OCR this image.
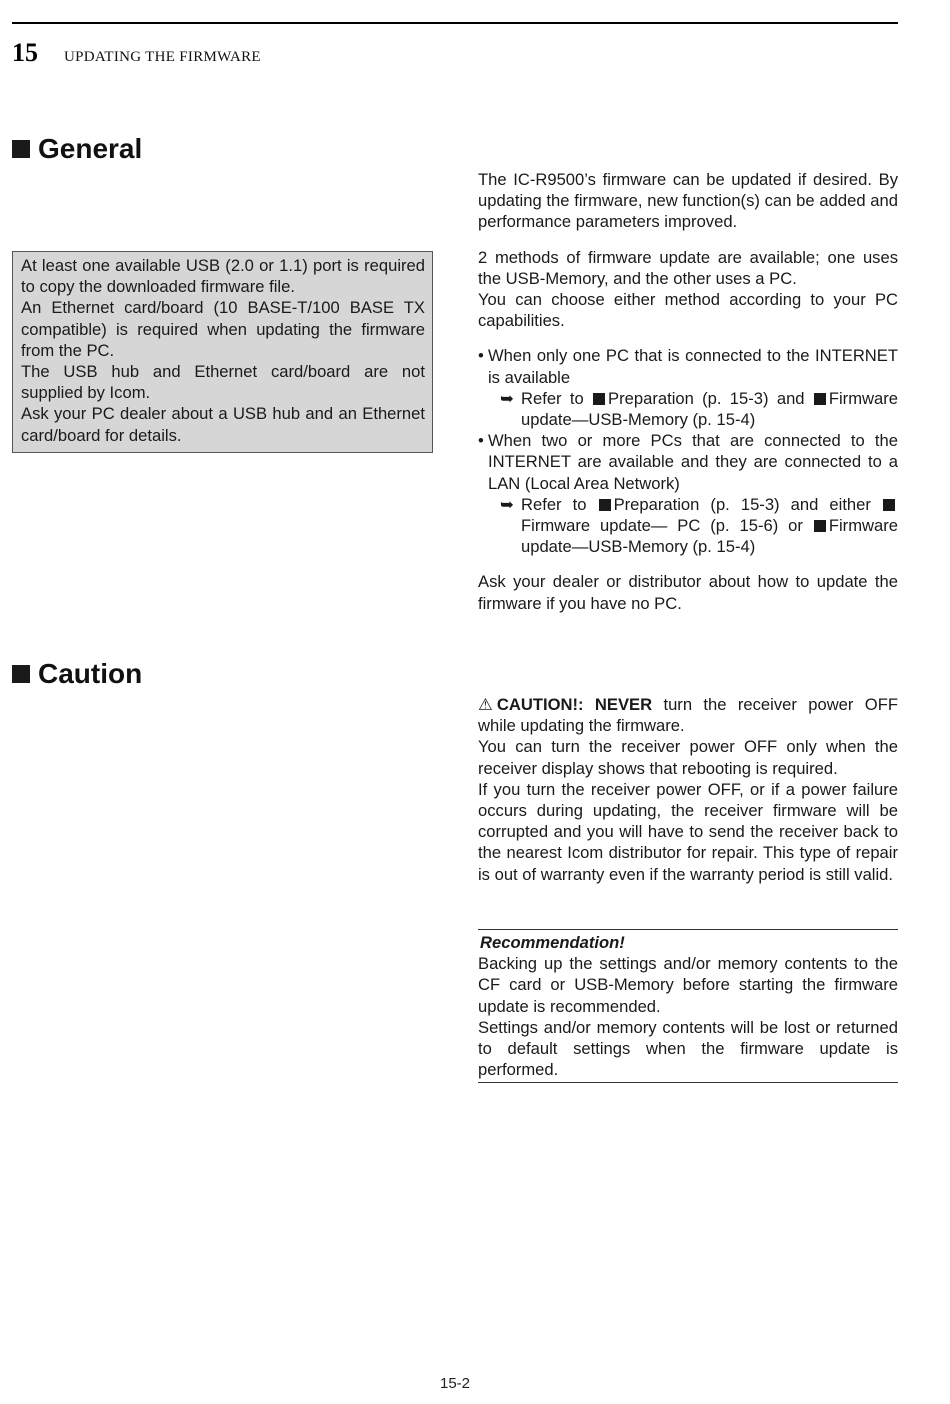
15 UPDATING THE FIRMWARE
General

At least one available USB (2.0 or 1.1) port is required to copy the downloaded firmware file.

An Ethernet card/board (10 BASE-T/100 BASE TX compatible) is required when updating the firmware from the PC.

The USB hub and Ethernet card/board are not supplied by Icom.

Ask your PC dealer about a USB hub and an Ethernet card/board for details.

The IC-R9500’s firmware can be updated if desired. By updating the firmware, new function(s) can be added and performance parameters improved.

2 methods of firmware update are available; one uses the USB-Memory, and the other uses a PC.

You can choose either method according to your PC capabilities.

• When only one PC that is connected to the INTERNET is available
➥ Refer to Preparation (p. 15-3) and Firmware update—USB-Memory (p. 15-4)
• When two or more PCs that are connected to the INTERNET are available and they are connected to a LAN (Local Area Network)
➥ Refer to Preparation (p. 15-3) and either Firmware update— PC (p. 15-6) or Firmware update—USB-Memory (p. 15-4)

Ask your dealer or distributor about how to update the firmware if you have no PC.

Caution

⚠ CAUTION!: NEVER turn the receiver power OFF while updating the firmware.

You can turn the receiver power OFF only when the receiver display shows that rebooting is required.

If you turn the receiver power OFF, or if a power failure occurs during updating, the receiver firmware will be corrupted and you will have to send the receiver back to the nearest Icom distributor for repair. This type of repair is out of warranty even if the warranty period is still valid.

Recommendation!

Backing up the settings and/or memory contents to the CF card or USB-Memory before starting the firmware update is recommended.

Settings and/or memory contents will be lost or returned to default settings when the firmware update is performed.

15-2
